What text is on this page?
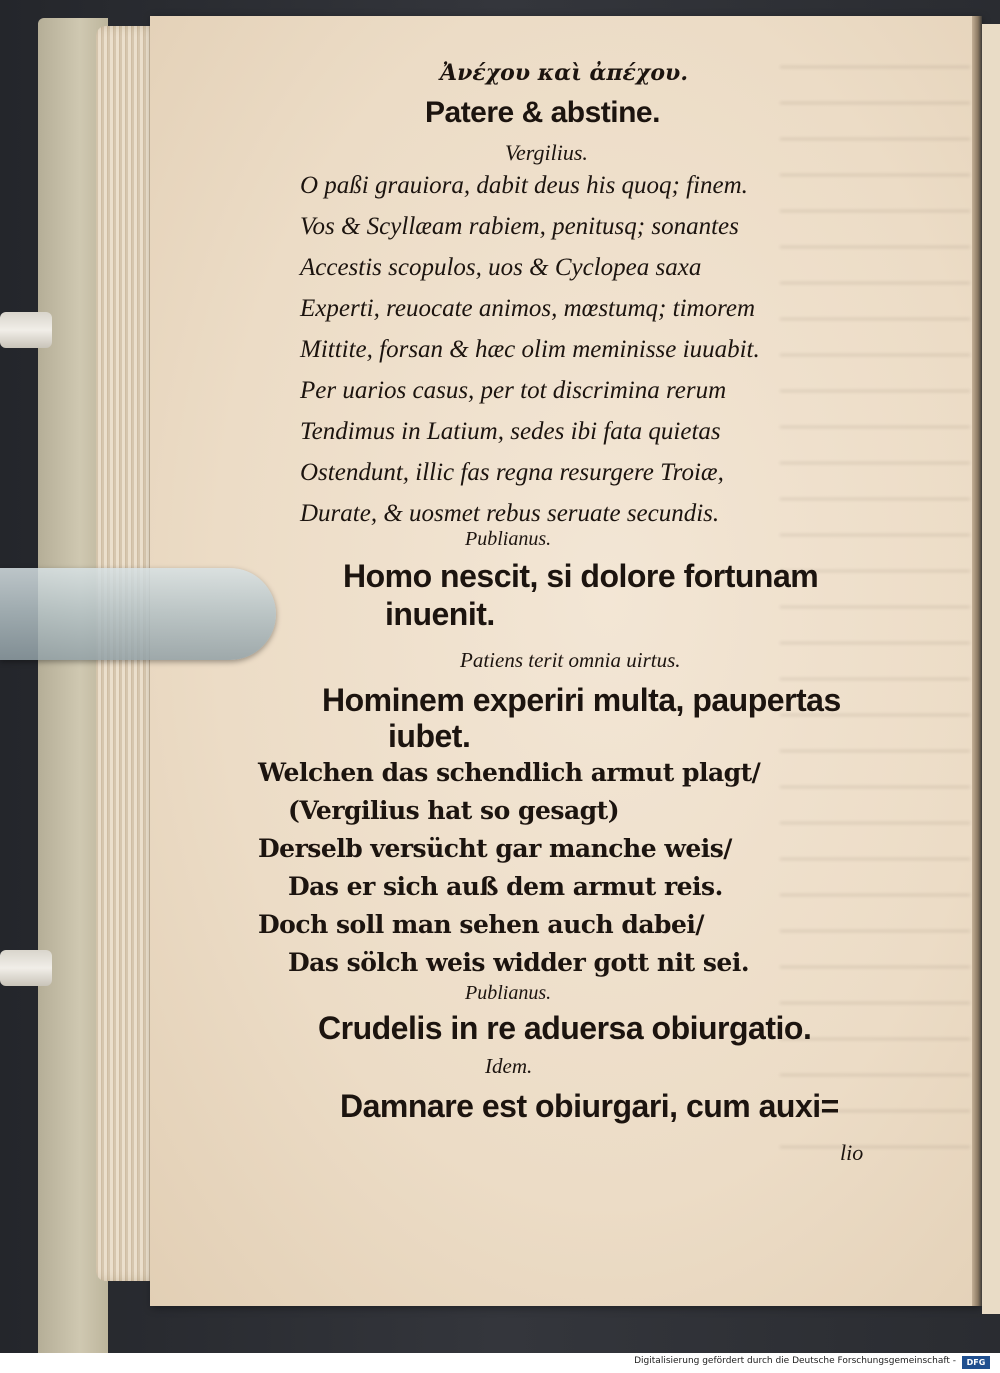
Ἀνέχου καὶ ἀπέχου.

Patere & abstine.

Vergilius.

O paßi grauiora, dabit deus his quoq; finem.

Vos & Scyllæam rabiem, penitusq; sonantes

Accestis scopulos, uos & Cyclopea saxa

Experti, reuocate animos, mœstumq; timorem

Mittite, forsan & hæc olim meminisse iuuabit.

Per uarios casus, per tot discrimina rerum

Tendimus in Latium, sedes ibi fata quietas

Ostendunt, illic fas regna resurgere Troiæ,

Durate, & uosmet rebus seruate secundis.

Publianus.

Homo nescit, si dolore fortunam

inuenit.

Patiens terit omnia uirtus.

Hominem experiri multa, paupertas

iubet.

Welchen das schendlich armut plagt/

(Vergilius hat so gesagt)

Derselb versücht gar manche weis/

Das er sich auß dem armut reis.

Doch soll man sehen auch dabei/

Das sölch weis widder gott nit sei.

Publianus.

Crudelis in re aduersa obiurgatio.

Idem.

Damnare est obiurgari, cum auxi=

lio

Digitalisierung gefördert durch die Deutsche Forschungsgemeinschaft -	DFG
